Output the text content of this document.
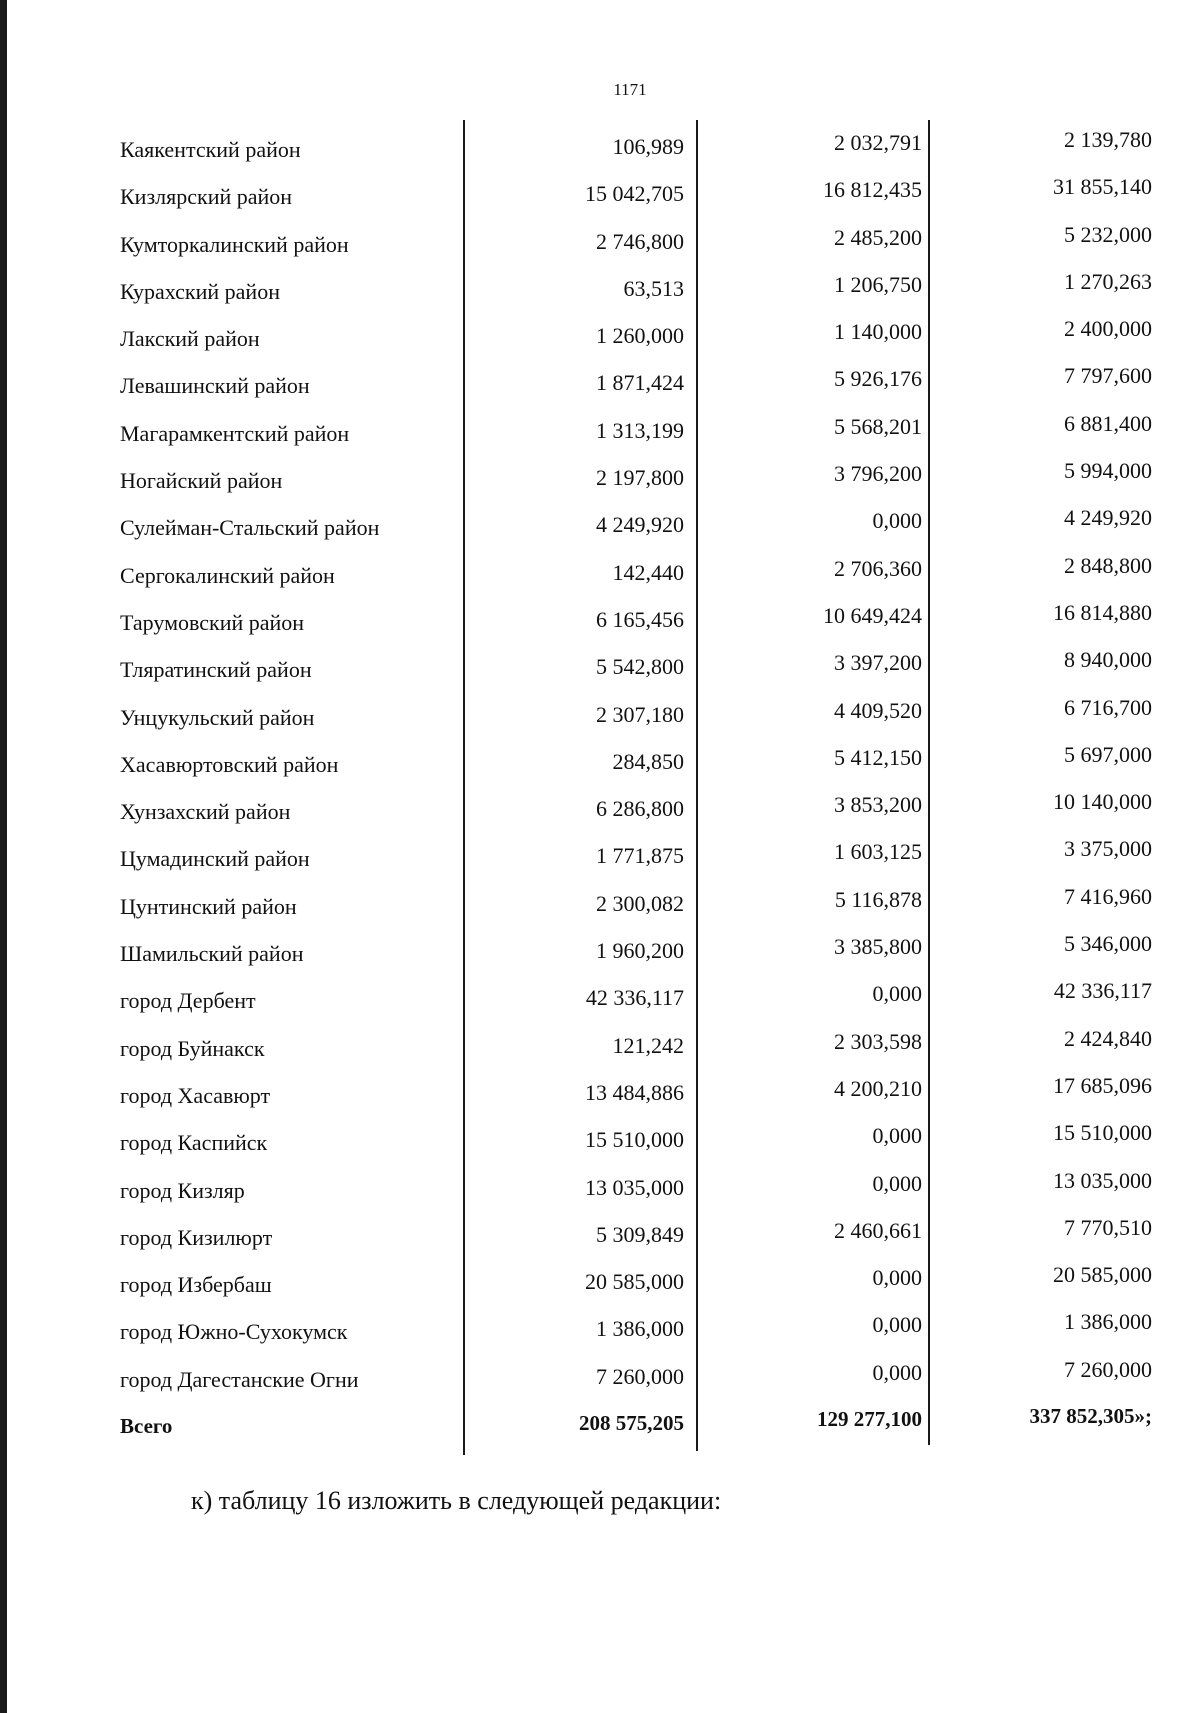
1171
Каякентский район	106,989	2 032,791	2 139,780
Кизлярский район	15 042,705	16 812,435	31 855,140
Кумторкалинский район	2 746,800	2 485,200	5 232,000
Курахский район	63,513	1 206,750	1 270,263
Лакский район	1 260,000	1 140,000	2 400,000
Левашинский район	1 871,424	5 926,176	7 797,600
Магарамкентский район	1 313,199	5 568,201	6 881,400
Ногайский район	2 197,800	3 796,200	5 994,000
Сулейман-Стальский район	4 249,920	0,000	4 249,920
Сергокалинский район	142,440	2 706,360	2 848,800
Тарумовский район	6 165,456	10 649,424	16 814,880
Тляратинский район	5 542,800	3 397,200	8 940,000
Унцукульский район	2 307,180	4 409,520	6 716,700
Хасавюртовский район	284,850	5 412,150	5 697,000
Хунзахский район	6 286,800	3 853,200	10 140,000
Цумадинский район	1 771,875	1 603,125	3 375,000
Цунтинский район	2 300,082	5 116,878	7 416,960
Шамильский район	1 960,200	3 385,800	5 346,000
город Дербент	42 336,117	0,000	42 336,117
город Буйнакск	121,242	2 303,598	2 424,840
город Хасавюрт	13 484,886	4 200,210	17 685,096
город Каспийск	15 510,000	0,000	15 510,000
город Кизляр	13 035,000	0,000	13 035,000
город Кизилюрт	5 309,849	2 460,661	7 770,510
город Избербаш	20 585,000	0,000	20 585,000
город Южно-Сухокумск	1 386,000	0,000	1 386,000
город Дагестанские Огни	7 260,000	0,000	7 260,000
Всего	208 575,205	129 277,100	337 852,305»;
к) таблицу 16 изложить в следующей редакции:
